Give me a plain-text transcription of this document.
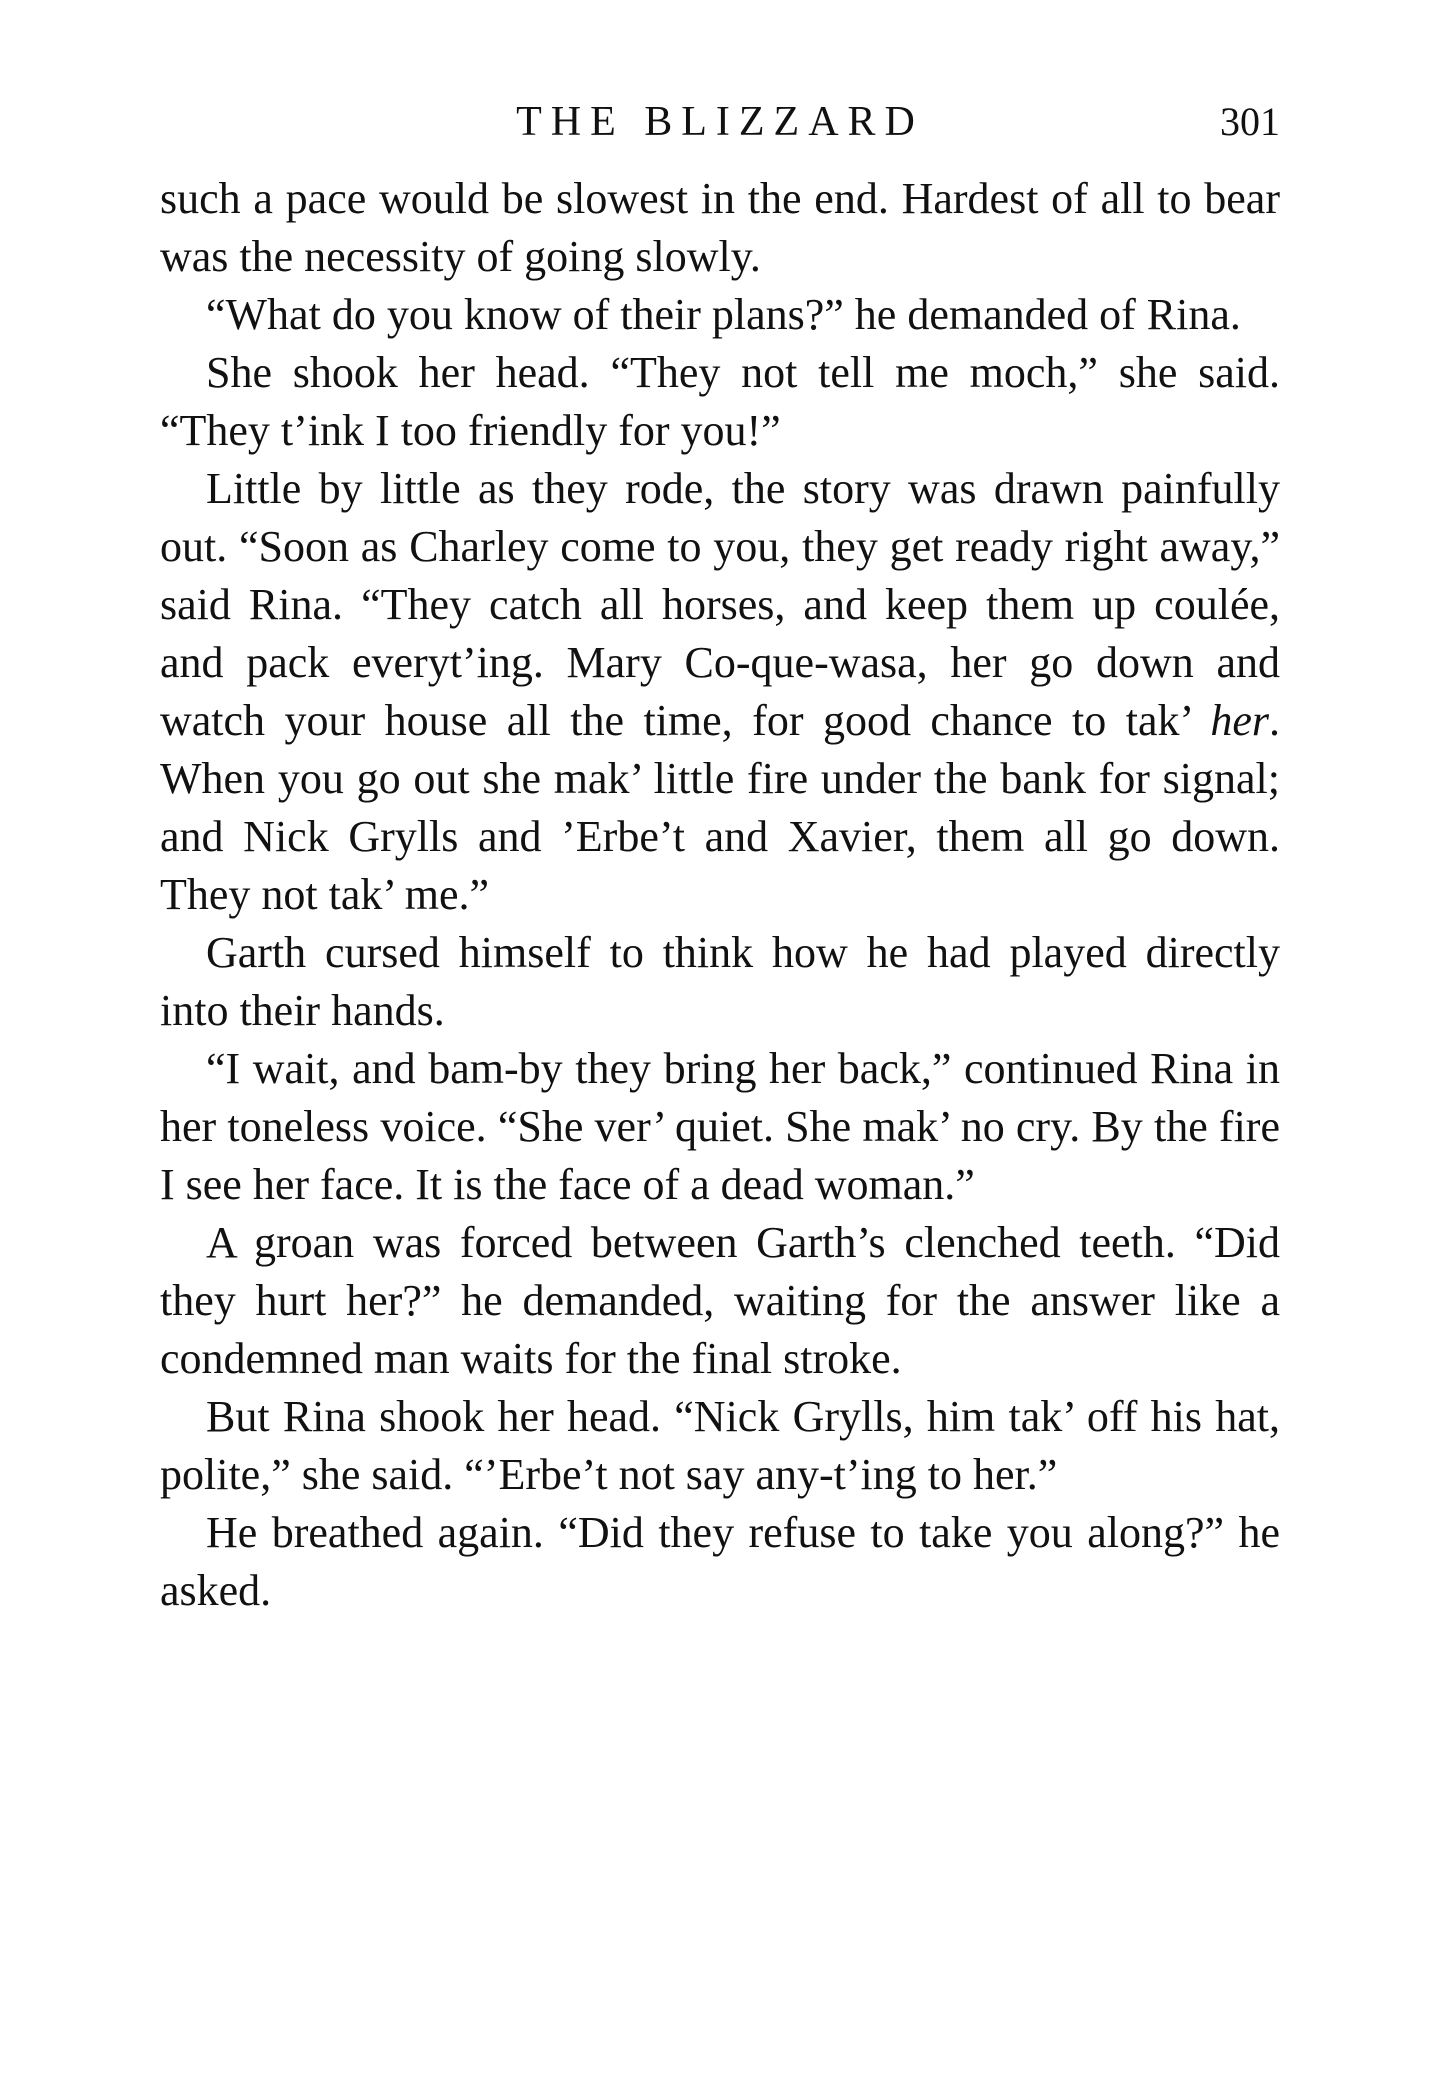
THE BLIZZARD	301

such a pace would be slowest in the end. Hardest of all to bear was the necessity of going slowly.

“What do you know of their plans?” he demanded of Rina.

She shook her head. “They not tell me moch,” she said. “They t’ink I too friendly for you!”

Little by little as they rode, the story was drawn painfully out. “Soon as Charley come to you, they get ready right away,” said Rina. “They catch all horses, and keep them up coulée, and pack everyt’ing. Mary Co-que-wasa, her go down and watch your house all the time, for good chance to tak’ her. When you go out she mak’ little fire under the bank for signal; and Nick Grylls and ’Erbe’t and Xavier, them all go down. They not tak’ me.”

Garth cursed himself to think how he had played directly into their hands.

“I wait, and bam-by they bring her back,” continued Rina in her toneless voice. “She ver’ quiet. She mak’ no cry. By the fire I see her face. It is the face of a dead woman.”

A groan was forced between Garth’s clenched teeth. “Did they hurt her?” he demanded, waiting for the answer like a condemned man waits for the final stroke.

But Rina shook her head. “Nick Grylls, him tak’ off his hat, polite,” she said. “’Erbe’t not say any-t’ing to her.”

He breathed again. “Did they refuse to take you along?” he asked.
